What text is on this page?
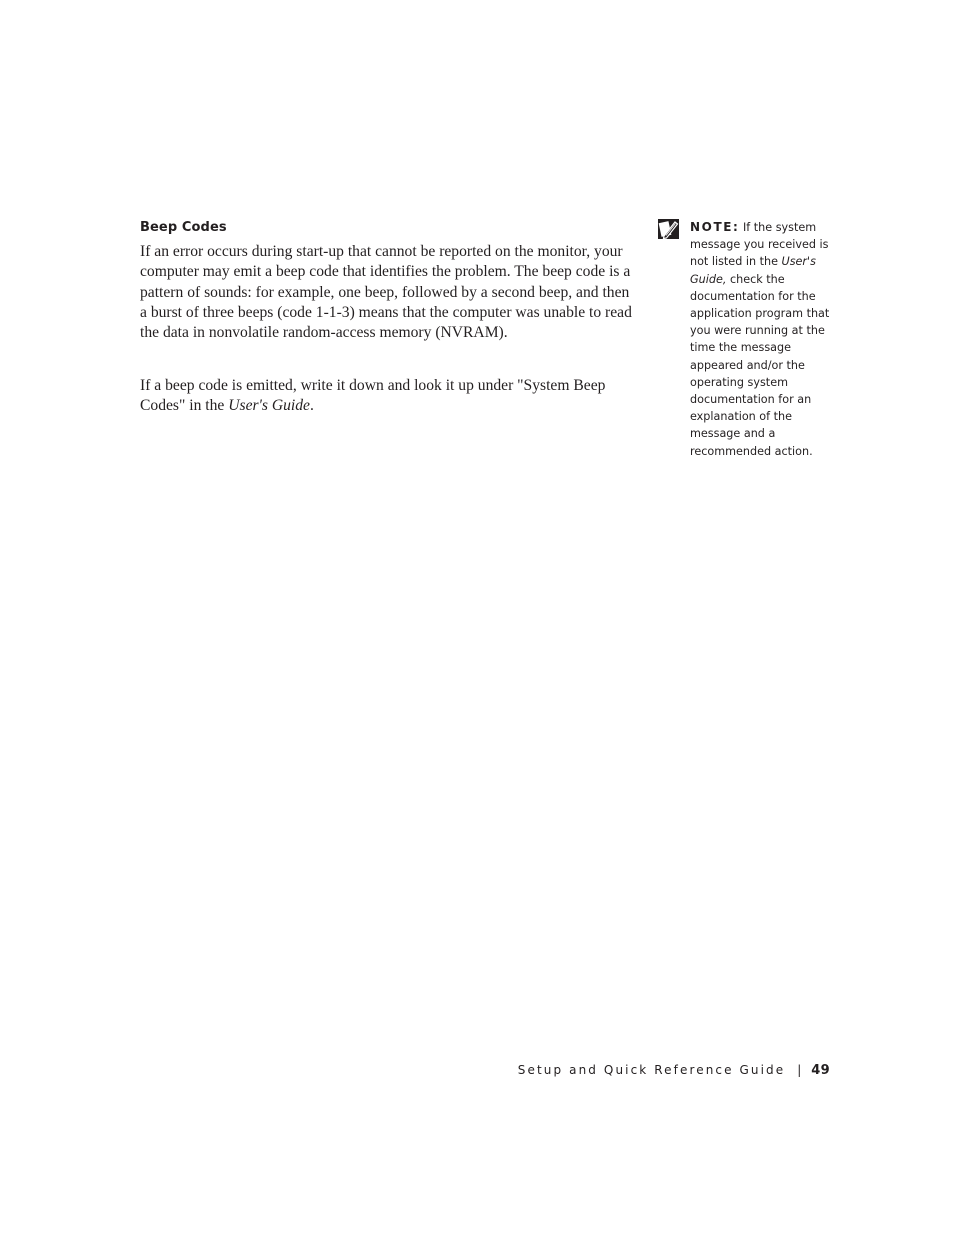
Beep Codes

If an error occurs during start-up that cannot be reported on the monitor, your computer may emit a beep code that identifies the problem. The beep code is a pattern of sounds: for example, one beep, followed by a second beep, and then a burst of three beeps (code 1-1-3) means that the computer was unable to read the data in nonvolatile random-access memory (NVRAM).

If a beep code is emitted, write it down and look it up under "System Beep Codes" in the User's Guide.

NOTE: If the system message you received is not listed in the User's Guide, check the documentation for the application program that you were running at the time the message appeared and/or the operating system documentation for an explanation of the message and a recommended action.

Setup and Quick Reference Guide | 49
